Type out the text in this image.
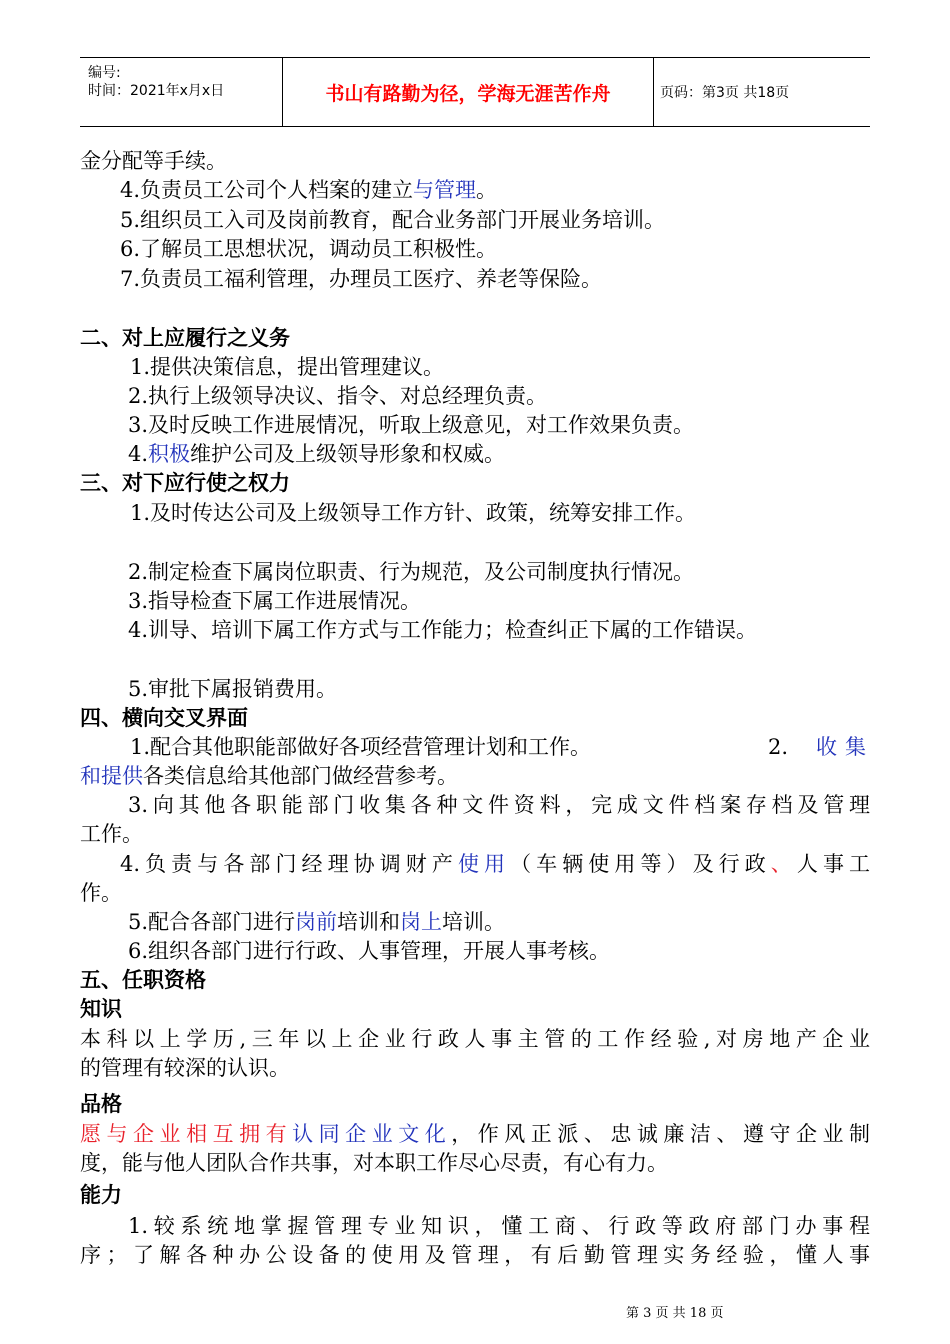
编号:
时间：2021年x月x日	书山有路勤为径，学海无涯苦作舟	页码：第3页 共18页
金分配等手续。
4.负责员工公司个人档案的建立与管理。
5.组织员工入司及岗前教育，配合业务部门开展业务培训。
6.了解员工思想状况，调动员工积极性。
7.负责员工福利管理，办理员工医疗、养老等保险。
二、对上应履行之义务
1.提供决策信息，提出管理建议。
2.执行上级领导决议、指令、对总经理负责。
3.及时反映工作进展情况，听取上级意见，对工作效果负责。
4.积极维护公司及上级领导形象和权威。
三、对下应行使之权力
1.及时传达公司及上级领导工作方针、政策，统筹安排工作。
2.制定检查下属岗位职责、行为规范，及公司制度执行情况。
3.指导检查下属工作进展情况。
4.训导、培训下属工作方式与工作能力；检查纠正下属的工作错误。
5.审批下属报销费用。
四、横向交叉界面
1.配合其他职能部做好各项经营管理计划和工作。	2. 收集
和提供各类信息给其他部门做经营参考。
3.向其他各职能部门收集各种文件资料，完成文件档案存档及管理
工作。
4.负责与各部门经理协调财产使用（车辆使用等）及行政、人事工
作。
5.配合各部门进行岗前培训和岗上培训。
6.组织各部门进行行政、人事管理，开展人事考核。
五、任职资格
知识
本科以上学历,三年以上企业行政人事主管的工作经验,对房地产企业
的管理有较深的认识。
品格
愿与企业相互拥有认同企业文化，作风正派、忠诚廉洁、遵守企业制
度，能与他人团队合作共事，对本职工作尽心尽责，有心有力。
能力
1.较系统地掌握管理专业知识，懂工商、行政等政府部门办事程
序；了解各种办公设备的使用及管理，有后勤管理实务经验，懂人事
第 3 页 共 18 页
